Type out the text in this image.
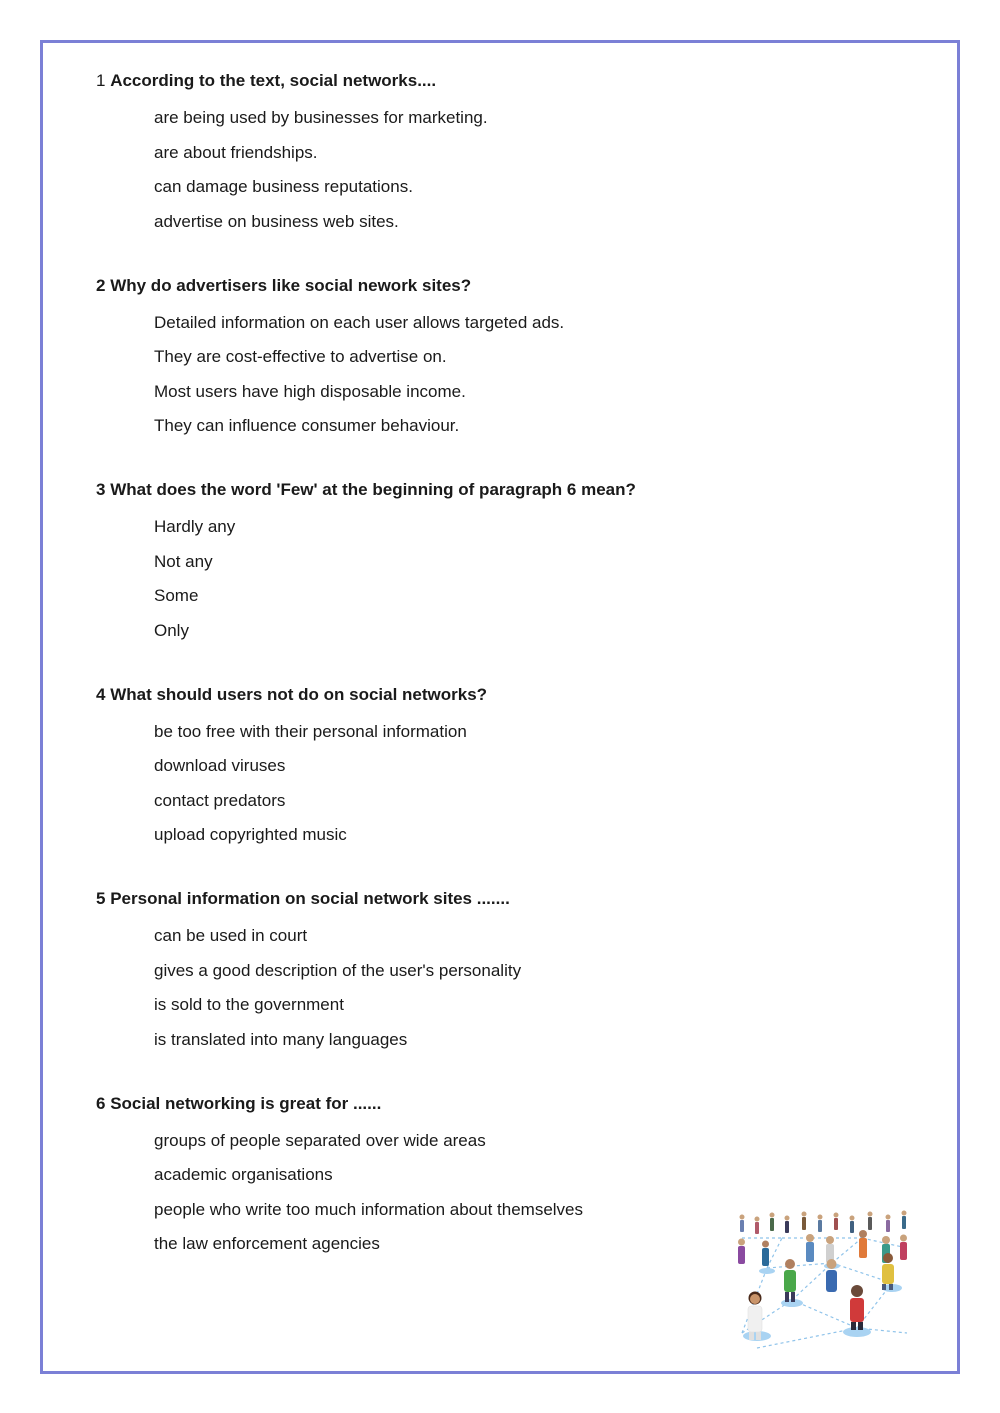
1 According to the text, social networks....

are being used by businesses for marketing.
are about friendships.
can damage business reputations.
advertise on business web sites.

2 Why do advertisers like social nework sites?

Detailed information on each user allows targeted ads.
They are cost-effective to advertise on.
Most users have high disposable income.
They can influence consumer behaviour.

3 What does the word 'Few' at the beginning of paragraph 6 mean?

Hardly any
Not any
Some
Only

4 What should users not do on social networks?

be too free with their personal information
download viruses
contact predators
upload copyrighted music

5 Personal information on social network sites .......

can be used in court
gives a good description of the user's personality
is sold to the government
is translated into many languages

6 Social networking is great for ......

groups of people separated over wide areas
academic organisations
people who write too much information about themselves
the law enforcement agencies
